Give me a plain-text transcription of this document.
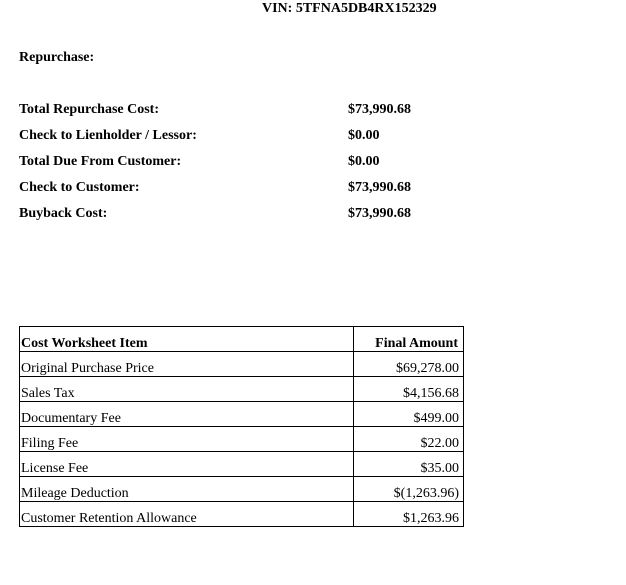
VIN: 5TFNA5DB4RX152329
Repurchase:
Total Repurchase Cost:	$73,990.68
Check to Lienholder / Lessor:	$0.00
Total Due From Customer:	$0.00
Check to Customer:	$73,990.68
Buyback Cost:	$73,990.68
Cost Worksheet Item	Final Amount
Original Purchase Price	$69,278.00
Sales Tax	$4,156.68
Documentary Fee	$499.00
Filing Fee	$22.00
License Fee	$35.00
Mileage Deduction	$(1,263.96)
Customer Retention Allowance	$1,263.96
